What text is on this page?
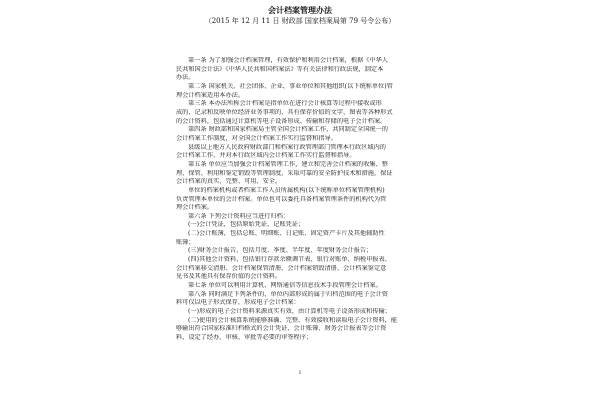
会计档案管理办法
（2015 年 12 月 11 日 财政部 国家档案局第 79 号令公布）

第一条 为了加强会计档案管理，有效保护和利用会计档案，根据《中华人

民共和国会计法》《中华人民共和国档案法》等有关法律和行政法规，制定本

办法。

第二条 国家机关、社会团体、企业、事业单位和其他组织(以下统称单位)管

理会计档案适用本办法。

第三条 本办法所称会计档案是指单位在进行会计核算等过程中接收或形

成的，记录和反映单位经济业务事项的，具有保存价值的文字、图表等各种形式

的会计资料，包括通过计算机等电子设备形成、传输和存储的电子会计档案。

第四条 财政部和国家档案局主管全国会计档案工作，共同制定全国统一的

会计档案工作制度，对全国会计档案工作实行监督和指导。

县级以上地方人民政府财政部门和档案行政管理部门管理本行政区域内的

会计档案工作，并对本行政区域内会计档案工作实行监督和指导。

第五条 单位应当加强会计档案管理工作，建立和完善会计档案的收集、整

理、保管、利用和鉴定销毁等管理制度，采取可靠的安全防护技术和措施，保证

会计档案的真实、完整、可用、安全。

单位的档案机构或者档案工作人员所属机构(以下统称单位档案管理机构)

负责管理本单位的会计档案。单位也可以委托具备档案管理条件的机构代为管

理会计档案。

第六条 下列会计资料应当进行归档：

(一)会计凭证，包括原始凭证、记账凭证；

(二)会计账簿，包括总账、明细账、日记账、固定资产卡片及其他辅助性

账簿；

(三)财务会计报告，包括月度、季度、半年度、年度财务会计报告；

(四)其他会计资料，包括银行存款余额调节表、银行对账单、纳税申报表、

会计档案移交清册、会计档案保管清册、会计档案销毁清册、会计档案鉴定意

见书及其他具有保存价值的会计资料。

第七条 单位可以利用计算机、网络通信等信息技术手段管理会计档案。

第八条 同时满足下列条件的，单位内部形成的属于归档范围的电子会计资

料可仅以电子形式保存，形成电子会计档案：

(一)形成的电子会计资料来源真实有效，由计算机等电子设备形成和传输；

(二)使用的会计核算系统能够准确、完整、有效接收和读取电子会计资料，能

够输出符合国家标准归档格式的会计凭证、会计账簿、财务会计报表等会计资

料，设定了经办、审核、审批等必要的审签程序；

1
